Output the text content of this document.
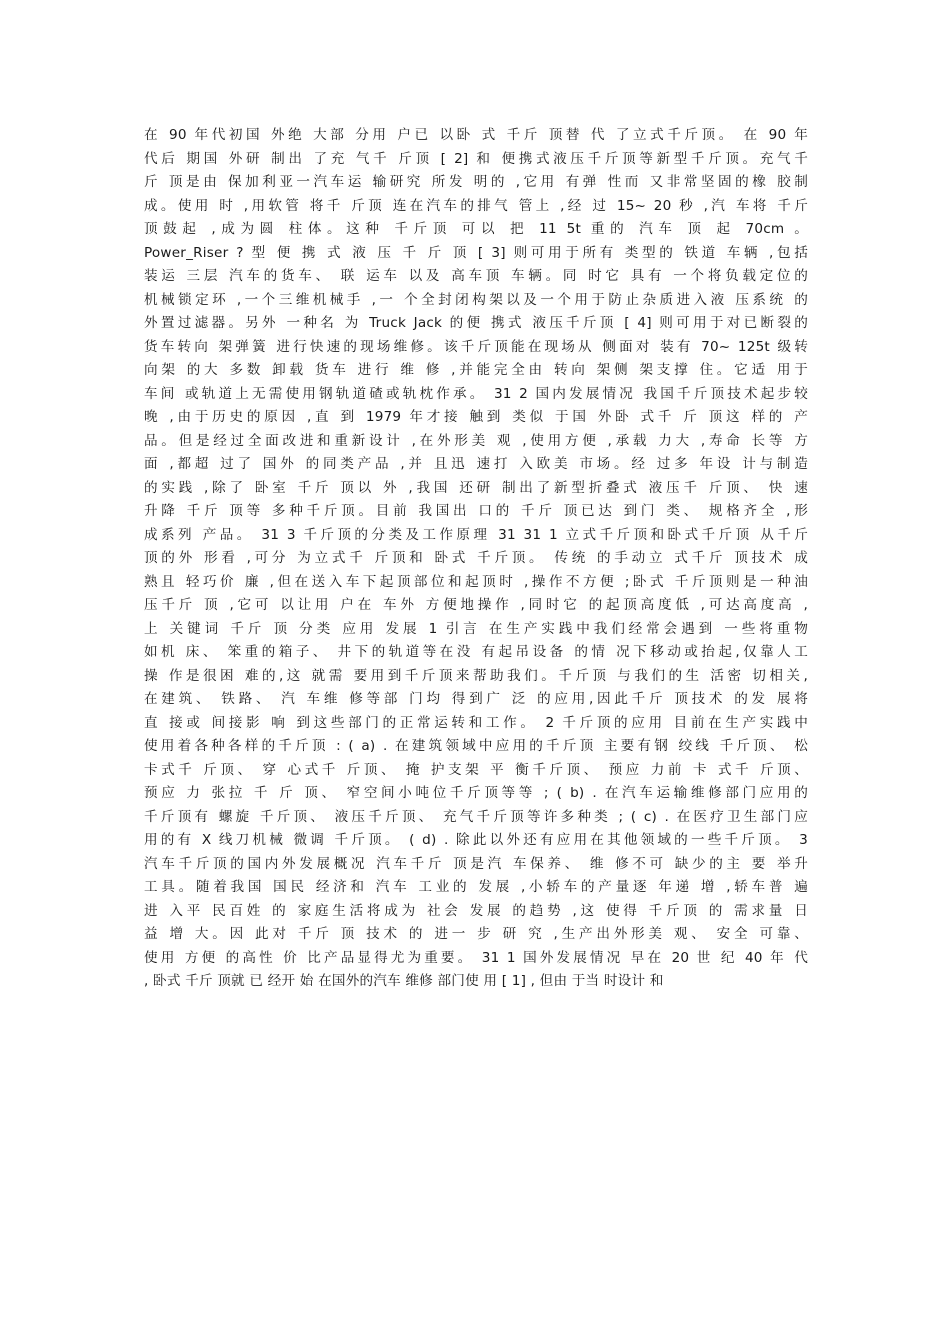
在 90 年代初国 外绝 大部 分用 户已 以卧 式 千斤 顶替 代 了立式千斤顶。 在 90 年
代后 期国 外研 制出 了充 气千 斤顶 [ 2] 和 便携式液压千斤顶等新型千斤顶。充气千
斤 顶是由 保加利亚一汽车运 输研究 所发 明的 ,它用 有弹 性而 又非常坚固的橡 胶制
成。使用 时 ,用软管 将千 斤顶 连在汽车的排气 管上 ,经 过 15~ 20 秒 ,汽 车将 千斤
顶鼓起 ,成为圆 柱体。这种 千斤顶 可以 把 11 5t 重的 汽车 顶 起 70cm 。
Power_Riser ? 型 便 携 式 液 压 千 斤 顶 [ 3] 则可用于所有 类型的 铁道 车辆 ,包括
装运 三层 汽车的货车、 联 运车 以及 高车顶 车辆。同 时它 具有 一个将负载定位的
机械锁定环 ,一个三维机械手 ,一 个全封闭构架以及一个用于防止杂质进入液 压系统 的
外置过滤器。另外 一种名 为 Truck Jack 的便 携式 液压千斤顶 [ 4] 则可用于对已断裂的
货车转向 架弹簧 进行快速的现场维修。该千斤顶能在现场从 侧面对 装有 70~ 125t 级转
向架 的大 多数 卸载 货车 进行 维 修 ,并能完全由 转向 架侧 架支撑 住。它适 用于
车间 或轨道上无需使用钢轨道碴或轨枕作承。 31 2 国内发展情况 我国千斤顶技术起步较
晚 ,由于历史的原因 ,直 到 1979 年才接 触到 类似 于国 外卧 式千 斤 顶这 样的 产
品。但是经过全面改进和重新设计 ,在外形美 观 ,使用方便 ,承载 力大 ,寿命 长等 方
面 ,都超 过了 国外 的同类产品 ,并 且迅 速打 入欧美 市场。经 过多 年设 计与制造
的实践 ,除了 卧室 千斤 顶以 外 ,我国 还研 制出了新型折叠式 液压千 斤顶、 快 速
升降 千斤 顶等 多种千斤顶。目前 我国出 口的 千斤 顶已达 到门 类、 规格齐全 ,形
成系列 产品。 31 3 千斤顶的分类及工作原理 31 31 1 立式千斤顶和卧式千斤顶 从千斤
顶的外 形看 ,可分 为立式千 斤顶和 卧式 千斤顶。 传统 的手动立 式千斤 顶技术 成
熟且 轻巧价 廉 ,但在送入车下起顶部位和起顶时 ,操作不方便 ;卧式 千斤顶则是一种油
压千斤 顶 ,它可 以让用 户在 车外 方便地操作 ,同时它 的起顶高度低 ,可达高度高 ,
上 关键词 千斤 顶 分类 应用 发展 1 引言 在生产实践中我们经常会遇到 一些将重物
如机 床、 笨重的箱子、 井下的轨道等在没 有起吊设备 的情 况下移动或抬起,仅靠人工
操 作是很困 难的,这 就需 要用到千斤顶来帮助我们。千斤顶 与我们的生 活密 切相关,
在建筑、 铁路、 汽 车维 修等部 门均 得到广 泛 的应用,因此千斤 顶技术 的发 展将
直 接或 间接影 响 到这些部门的正常运转和工作。 2 千斤顶的应用 目前在生产实践中
使用着各种各样的千斤顶 : ( a) . 在建筑领域中应用的千斤顶 主要有钢 绞线 千斤顶、 松
卡式千 斤顶、 穿 心式千 斤顶、 掩 护支架 平 衡千斤顶、 预应 力前 卡 式千 斤顶、
预应 力 张拉 千 斤 顶、 窄空间小吨位千斤顶等等 ; ( b) . 在汽车运输维修部门应用的
千斤顶有 螺旋 千斤顶、 液压千斤顶、 充气千斤顶等许多种类 ; ( c) . 在医疗卫生部门应
用的有 X 线刀机械 微调 千斤顶。 ( d) . 除此以外还有应用在其他领域的一些千斤顶。 3
汽车千斤顶的国内外发展概况 汽车千斤 顶是汽 车保养、 维 修不可 缺少的主 要 举升
工具。随着我国 国民 经济和 汽车 工业的 发展 ,小轿车的产量逐 年递 增 ,轿车普 遍
进 入平 民百姓 的 家庭生活将成为 社会 发展 的趋势 ,这 使得 千斤顶 的 需求量 日
益 增 大。因 此对 千斤 顶 技术 的 进一 步 研 究 ,生产出外形美 观、 安全 可靠、
使用 方便 的高性 价 比产品显得尤为重要。 31 1 国外发展情况 早在 20 世 纪 40 年 代
, 卧式 千斤 顶就 已 经开 始 在国外的汽车 维修 部门使 用 [ 1] , 但由 于当 时设计 和
